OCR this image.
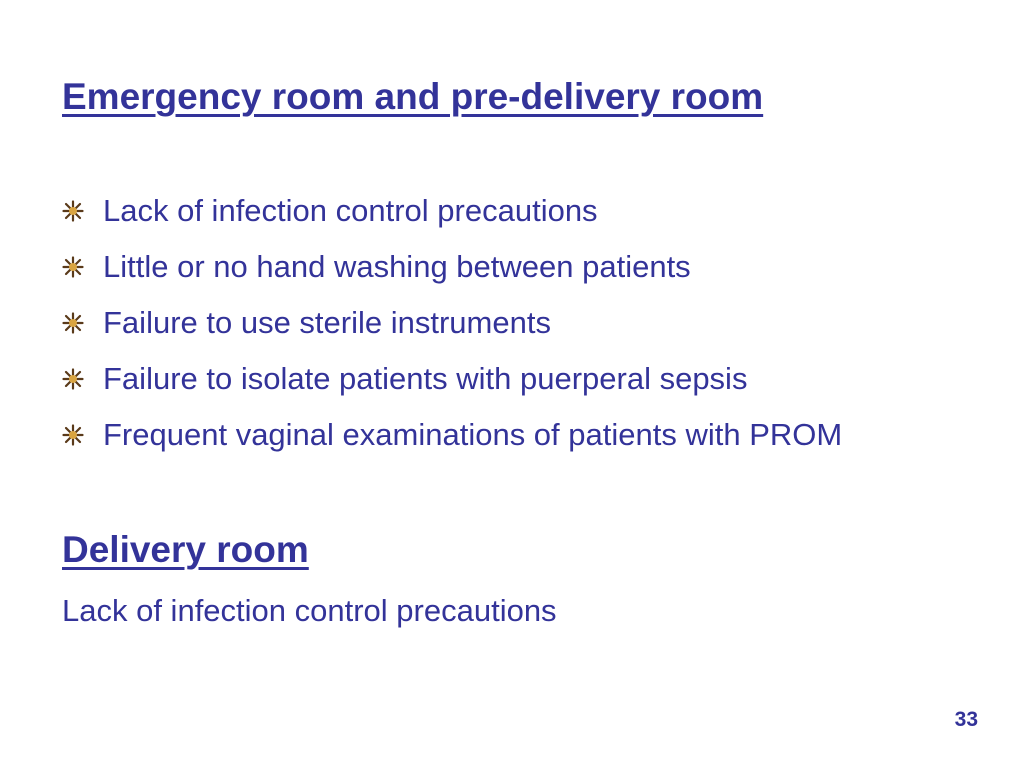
Emergency room and pre-delivery room
Lack of infection control precautions
Little or no hand washing between patients
Failure to use sterile instruments
Failure to isolate patients with puerperal sepsis
Frequent vaginal examinations of patients with PROM
Delivery room

Lack of infection control precautions

33
